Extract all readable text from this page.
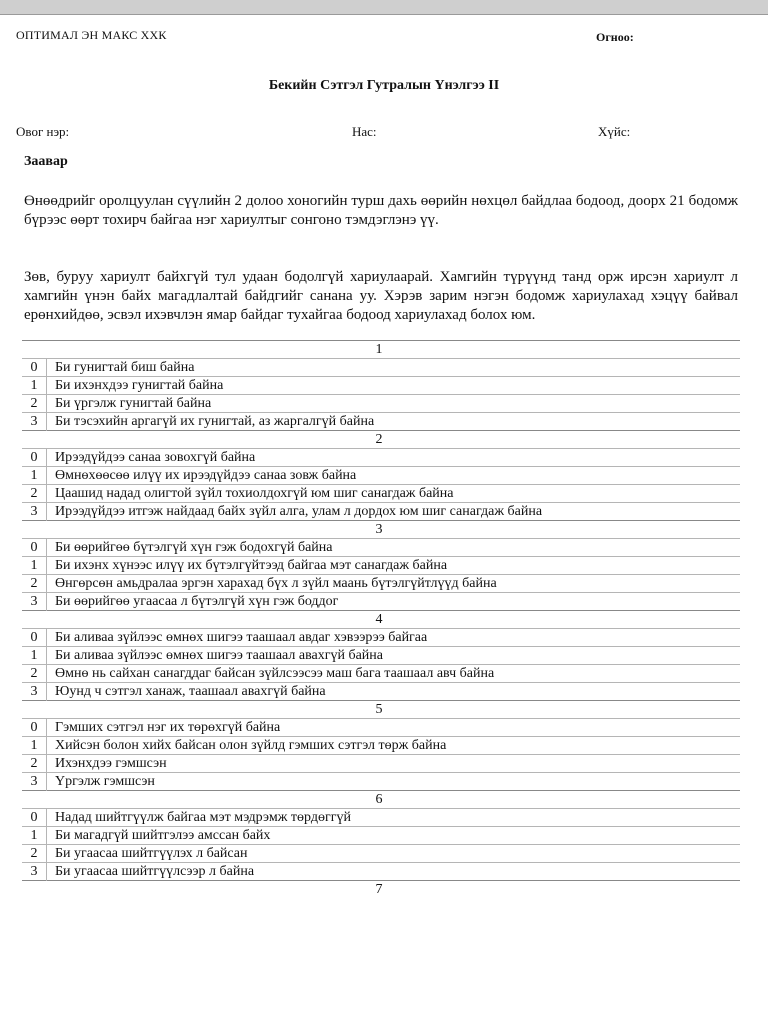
ОПТИМАЛ ЭН МАКС ХХК	Огноо:
Бекийн Сэтгэл Гутралын Үнэлгээ II
Овог нэр:	Нас:	Хүйс:
Заавар
Өнөөдрийг оролцуулан сүүлийн 2 долоо хоногийн турш дахь өөрийн нөхцөл байдлаа бодоод, доорх 21 бодомж бүрээс өөрт тохирч байгаа нэг хариултыг сонгоно тэмдэглэнэ үү.
Зөв, буруу хариулт байхгүй тул удаан бодолгүй хариулаарай. Хамгийн түрүүнд танд орж ирсэн хариулт л хамгийн үнэн байх магадлалтай байдгийг санана уу. Хэрэв зарим нэгэн бодомж хариулахад хэцүү байвал ерөнхийдөө, эсвэл ихэвчлэн ямар байдаг тухайгаа бодоод хариулахад болох юм.
1	
0	Би гунигтай биш байна
1	Би ихэнхдээ гунигтай байна
2	Би үргэлж гунигтай байна
3	Би тэсэхийн аргагүй их гунигтай, аз жаргалгүй байна
2	
0	Ирээдүйдээ санаа зовохгүй байна
1	Өмнөхөөсөө илүү их ирээдүйдээ санаа зовж байна
2	Цаашид надад олигтой зүйл тохиолдохгүй юм шиг санагдаж байна
3	Ирээдүйдээ итгэж найдаад байх зүйл алга, улам л дордох юм шиг санагдаж байна
3	
0	Би өөрийгөө бүтэлгүй хүн гэж бодохгүй байна
1	Би ихэнх хүнээс илүү их бүтэлгүйтээд байгаа мэт санагдаж байна
2	Өнгөрсөн амьдралаа эргэн харахад бүх л зүйл маань бүтэлгүйтлүүд байна
3	Би өөрийгөө угаасаа л бүтэлгүй хүн гэж боддог
4	
0	Би аливаа зүйлээс өмнөх шигээ таашаал авдаг хэвээрээ байгаа
1	Би аливаа зүйлээс өмнөх шигээ таашаал авахгүй байна
2	Өмнө нь сайхан санагддаг байсан зүйлсээсээ маш бага таашаал авч байна
3	Юунд ч сэтгэл ханаж, таашаал авахгүй байна
5	
0	Гэмших сэтгэл нэг их төрөхгүй байна
1	Хийсэн болон хийх байсан олон зүйлд гэмших сэтгэл төрж байна
2	Ихэнхдээ гэмшсэн
3	Үргэлж гэмшсэн
6	
0	Надад шийтгүүлж байгаа мэт мэдрэмж төрдөггүй
1	Би магадгүй шийтгэлээ амссан байх
2	Би угаасаа шийтгүүлэх л байсан
3	Би угаасаа шийтгүүлсээр л байна
7	
